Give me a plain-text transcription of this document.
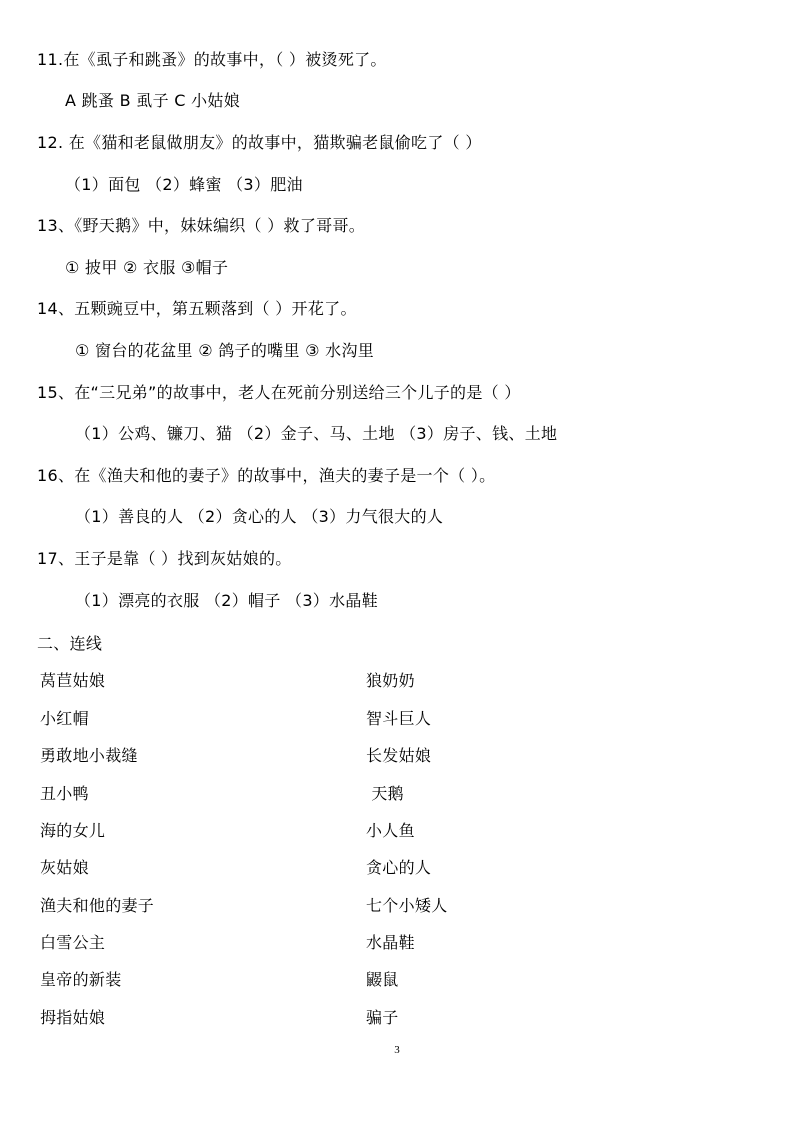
11.在《虱子和跳蚤》的故事中，（ ）被烫死了。
A 跳蚤 B 虱子 C 小姑娘
12. 在《猫和老鼠做朋友》的故事中，猫欺骗老鼠偷吃了（ ）
（1）面包 （2）蜂蜜 （3）肥油
13、《野天鹅》中，妹妹编织（ ）救了哥哥。
① 披甲 ② 衣服 ③帽子
14、五颗豌豆中，第五颗落到（ ）开花了。
① 窗台的花盆里 ② 鸽子的嘴里 ③ 水沟里
15、在“三兄弟”的故事中，老人在死前分别送给三个儿子的是（ ）
（1）公鸡、镰刀、猫 （2）金子、马、土地 （3）房子、钱、土地
16、在《渔夫和他的妻子》的故事中，渔夫的妻子是一个（ ）。
（1）善良的人 （2）贪心的人 （3）力气很大的人
17、王子是靠（ ）找到灰姑娘的。
（1）漂亮的衣服 （2）帽子 （3）水晶鞋
二、连线
莴苣姑娘
小红帽
勇敢地小裁缝
丑小鸭
海的女儿
灰姑娘
渔夫和他的妻子
白雪公主
皇帝的新装
拇指姑娘
狼奶奶
智斗巨人
长发姑娘
天鹅
小人鱼
贪心的人
七个小矮人
水晶鞋
鼹鼠
骗子
3
